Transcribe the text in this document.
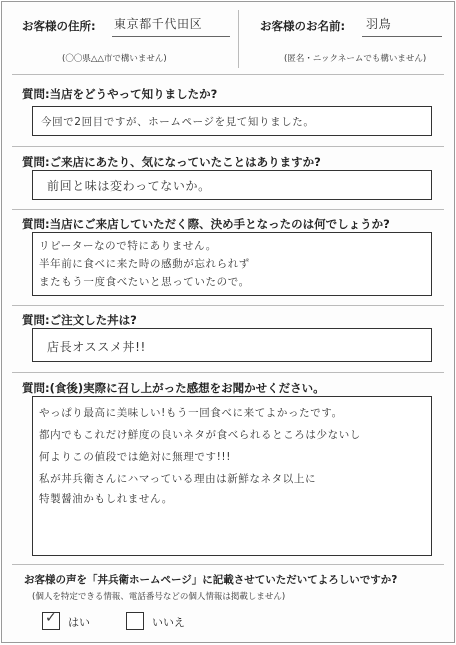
お客様の住所: 東京都千代田区
(〇〇県△△市で構いません)
お客様のお名前: 羽鳥
(匿名・ニックネームでも構いません)
質問:当店をどうやって知りましたか?
今回で2回目ですが、ホームページを見て知りました。
質問:ご来店にあたり、気になっていたことはありますか?
前回と味は変わってないか。
質問:当店にご来店していただく際、決め手となったのは何でしょうか?
リピーターなので特にありません。
半年前に食べに来た時の感動が忘れられず
またもう一度食べたいと思っていたので。
質問:ご注文した丼は?
店長オススメ丼!!
質問:(食後)実際に召し上がった感想をお聞かせください。
やっぱり最高に美味しい!もう一回食べに来てよかったです。
都内でもこれだけ鮮度の良いネタが食べられるところは少ないし
何よりこの値段では絶対に無理です!!!
私が丼兵衛さんにハマっている理由は新鮮なネタ以上に
特製醤油かもしれません。
お客様の声を「丼兵衛ホームページ」に記載させていただいてよろしいですか?
(個人を特定できる情報、電話番号などの個人情報は掲載しません)
✓ はい	いいえ
